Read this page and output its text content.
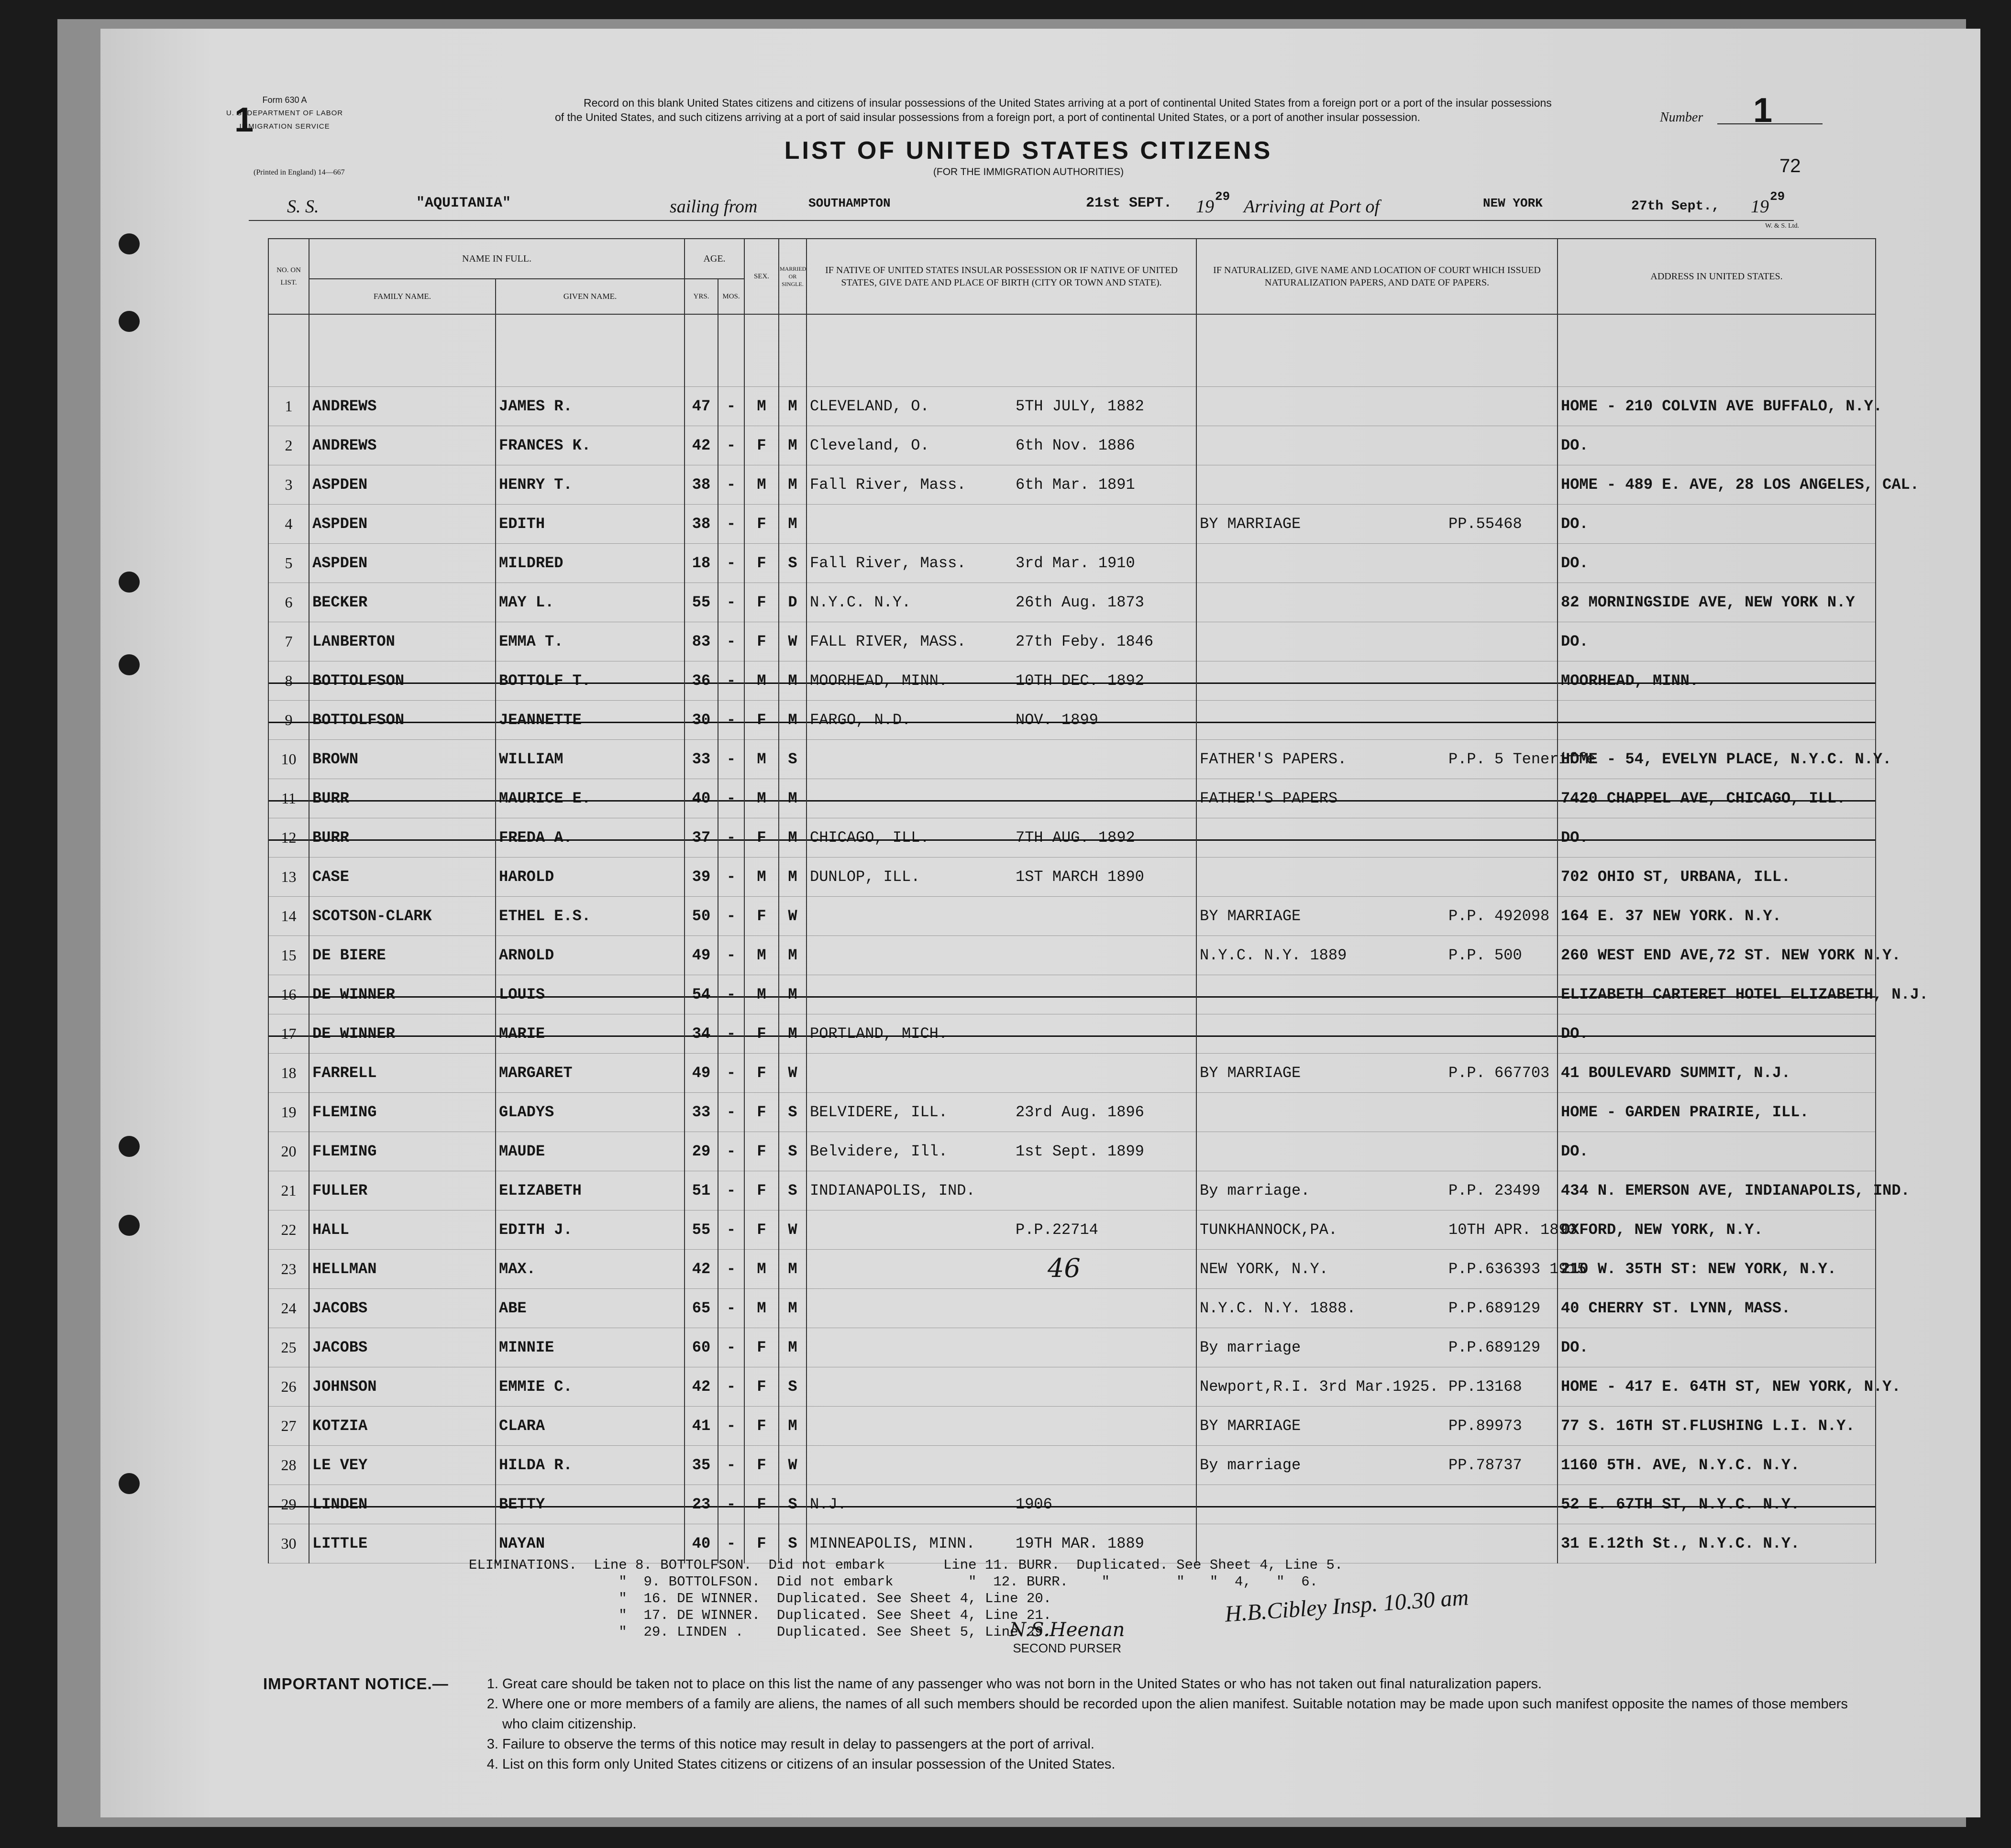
1
Form 630 A
U. S. DEPARTMENT OF LABOR
IMMIGRATION SERVICE
(Printed in England) 14—667
Record on this blank United States citizens and citizens of insular possessions of the United States arriving at a port of continental United States from a foreign port or a port of the insular possessions of the United States, and such citizens arriving at a port of said insular possessions from a foreign port, a port of continental United States, or a port of another insular possession.
LIST OF UNITED STATES CITIZENS
(FOR THE IMMIGRATION AUTHORITIES)
Number 1
72
S. S.	"AQUITANIA"	sailing from	SOUTHAMPTON	21st SEPT. 19 29 Arriving at Port of	NEW YORK	27th Sept., 19 29
W. & S. Ltd.
NO. ON LIST.	NAME IN FULL.		AGE.		SEX.	MARRIED OR SINGLE.	IF NATIVE OF UNITED STATES INSULAR POSSESSION OR IF NATIVE OF UNITED STATES, GIVE DATE AND PLACE OF BIRTH (CITY OR TOWN AND STATE).	IF NATURALIZED, GIVE NAME AND LOCATION OF COURT WHICH ISSUED NATURALIZATION PAPERS, AND DATE OF PAPERS.	ADDRESS IN UNITED STATES.
	FAMILY NAME.	GIVEN NAME.	YRS.	MOS.					

1	ANDREWS	JAMES R.	47	-	M	M	CLEVELAND, O. 5TH JULY, 1882		HOME - 210 COLVIN AVE BUFFALO, N.Y.
2	ANDREWS	FRANCES K.	42	-	F	M	Cleveland, O. 6th Nov. 1886		DO.
3	ASPDEN	HENRY T.	38	-	M	M	Fall River, Mass. 6th Mar. 1891		HOME - 489 E. AVE, 28 LOS ANGELES, CAL.
4	ASPDEN	EDITH	38	-	F	M		BY MARRIAGE PP.55468	DO.
5	ASPDEN	MILDRED	18	-	F	S	Fall River, Mass. 3rd Mar. 1910		DO.
6	BECKER	MAY L.	55	-	F	D	N.Y.C. N.Y. 26th Aug. 1873		82 MORNINGSIDE AVE, NEW YORK N.Y
7	LANBERTON	EMMA T.	83	-	F	W	FALL RIVER, MASS. 27th Feby. 1846		DO.
8	BOTTOLFSON	BOTTOLF T.	36	-	M	M	MOORHEAD, MINN. 10TH DEC. 1892		MOORHEAD, MINN.
9	BOTTOLFSON	JEANNETTE	30	-	F	M	FARGO, N.D. NOV. 1899		
10	BROWN	WILLIAM	33	-	M	S		FATHER'S PAPERS. P.P. 5 Teneriffe	HOME - 54, EVELYN PLACE, N.Y.C. N.Y.
11	BURR	MAURICE E.	40	-	M	M		FATHER'S PAPERS	7420 CHAPPEL AVE, CHICAGO, ILL.
12	BURR	FREDA A.	37	-	F	M	CHICAGO, ILL. 7TH AUG. 1892		DO.
13	CASE	HAROLD	39	-	M	M	DUNLOP, ILL. 1ST MARCH 1890		702 OHIO ST, URBANA, ILL.
14	SCOTSON-CLARK	ETHEL E.S.	50	-	F	W		BY MARRIAGE P.P. 492098	164 E. 37 NEW YORK. N.Y.
15	DE BIERE	ARNOLD	49	-	M	M		N.Y.C. N.Y. 1889 P.P. 500	260 WEST END AVE,72 ST. NEW YORK N.Y.
16	DE WINNER	LOUIS	54	-	M	M			ELIZABETH CARTERET HOTEL ELIZABETH, N.J.
17	DE WINNER	MARIE	34	-	F	M	PORTLAND, MICH.		DO.
18	FARRELL	MARGARET	49	-	F	W		BY MARRIAGE P.P. 667703	41 BOULEVARD SUMMIT, N.J.
19	FLEMING	GLADYS	33	-	F	S	BELVIDERE, ILL. 23rd Aug. 1896		HOME - GARDEN PRAIRIE, ILL.
20	FLEMING	MAUDE	29	-	F	S	Belvidere, Ill. 1st Sept. 1899		DO.
21	FULLER	ELIZABETH	51	-	F	S	INDIANAPOLIS, IND.	By marriage. P.P. 23499	434 N. EMERSON AVE, INDIANAPOLIS, IND.
22	HALL	EDITH J.	55	-	F	W	P.P.22714	TUNKHANNOCK,PA. 10TH APR. 1893	OXFORD, NEW YORK, N.Y.
23	HELLMAN	MAX.	42	-	M	M		NEW YORK, N.Y. P.P.636393 1915	210 W. 35TH ST: NEW YORK, N.Y.
24	JACOBS	ABE	65	-	M	M		N.Y.C. N.Y. 1888. P.P.689129	40 CHERRY ST. LYNN, MASS.
25	JACOBS	MINNIE	60	-	F	M		By marriage P.P.689129	DO.
26	JOHNSON	EMMIE C.	42	-	F	S		Newport,R.I. 3rd Mar.1925. PP.13168	HOME - 417 E. 64TH ST, NEW YORK, N.Y.
27	KOTZIA	CLARA	41	-	F	M		BY MARRIAGE PP.89973	77 S. 16TH ST.FLUSHING L.I. N.Y.
28	LE VEY	HILDA R.	35	-	F	W		By marriage PP.78737	1160 5TH. AVE, N.Y.C. N.Y.
29	LINDEN	BETTY	23	-	F	S	N.J. 1906		52 E. 67TH ST, N.Y.C. N.Y.
30	LITTLE	NAYAN	40	-	F	S	MINNEAPOLIS, MINN. 19TH MAR. 1889		31 E.12th St., N.Y.C. N.Y.
ELIMINATIONS.  Line 8. BOTTOLFSON.  Did not embark       Line 11. BURR.  Duplicated. See Sheet 4, Line 5.
"  9. BOTTOLFSON.  Did not embark         "  12. BURR.    "        "   "  4,   "  6.
"  16. DE WINNER.  Duplicated. See Sheet 4, Line 20.
"  17. DE WINNER.  Duplicated. See Sheet 4, Line 21.
"  29. LINDEN .    Duplicated. See Sheet 5, Line 29.
46
H.B.Cibley Insp. 10.30 am
N.S.Heenan
SECOND PURSER
IMPORTANT NOTICE.—	1. Great care should be taken not to place on this list the name of any passenger who was not born in the United States or who has not taken out final naturalization papers.
2. Where one or more members of a family are aliens, the names of all such members should be recorded upon the alien manifest. Suitable notation may be made upon such manifest opposite the names of those members who claim citizenship.
3. Failure to observe the terms of this notice may result in delay to passengers at the port of arrival.
4. List on this form only United States citizens or citizens of an insular possession of the United States.
